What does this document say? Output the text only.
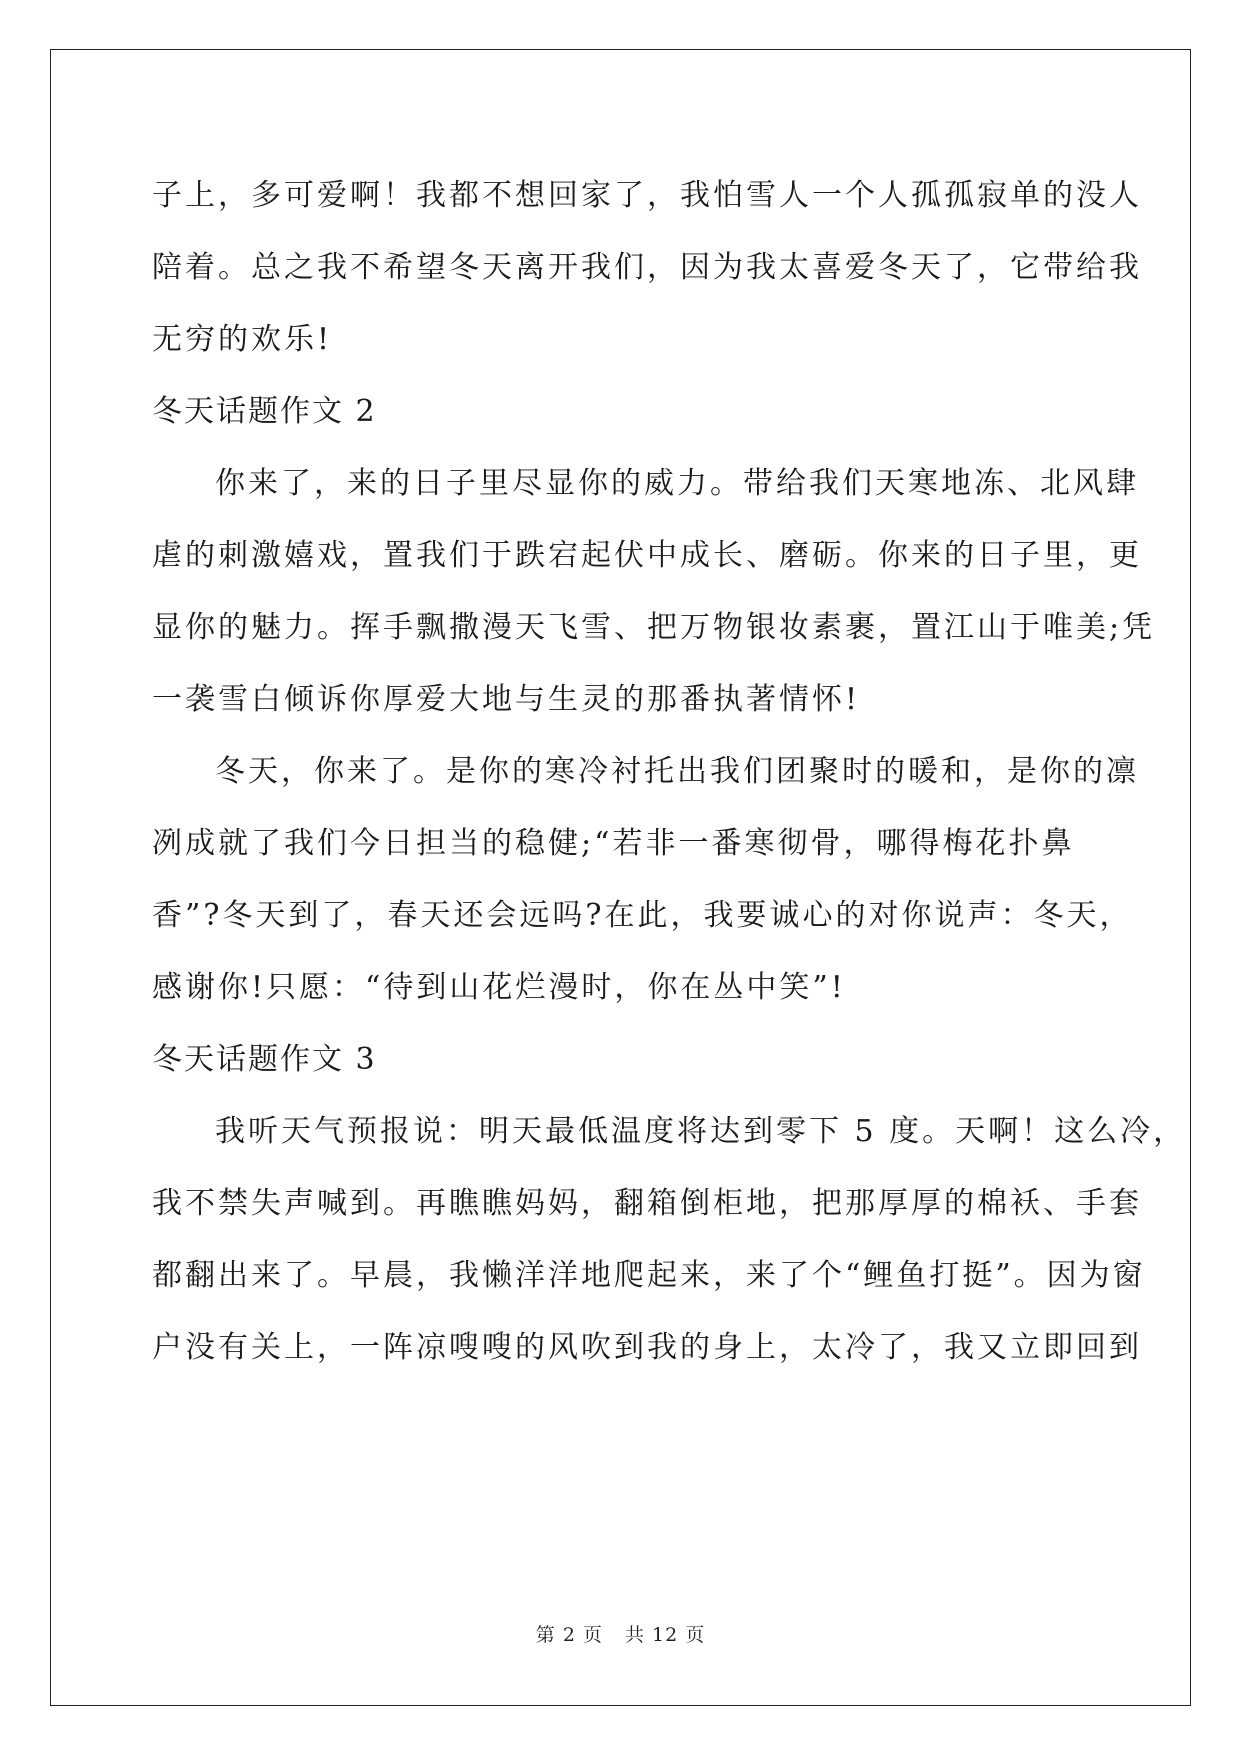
子上，多可爱啊！我都不想回家了，我怕雪人一个人孤孤寂单的没人
陪着。总之我不希望冬天离开我们，因为我太喜爱冬天了，它带给我
无穷的欢乐!
冬天话题作文 2
你来了，来的日子里尽显你的威力。带给我们天寒地冻、北风肆
虐的刺激嬉戏，置我们于跌宕起伏中成长、磨砺。你来的日子里，更
显你的魅力。挥手飘撒漫天飞雪、把万物银妆素裹，置江山于唯美;凭
一袭雪白倾诉你厚爱大地与生灵的那番执著情怀!
冬天，你来了。是你的寒冷衬托出我们团聚时的暖和，是你的凛
冽成就了我们今日担当的稳健;“若非一番寒彻骨，哪得梅花扑鼻
香”?冬天到了，春天还会远吗?在此，我要诚心的对你说声：冬天，
感谢你!只愿：“待到山花烂漫时，你在丛中笑”!
冬天话题作文 3
我听天气预报说：明天最低温度将达到零下 5 度。天啊！这么冷，
我不禁失声喊到。再瞧瞧妈妈，翻箱倒柜地，把那厚厚的棉袄、手套
都翻出来了。早晨，我懒洋洋地爬起来，来了个“鲤鱼打挺”。因为窗
户没有关上，一阵凉嗖嗖的风吹到我的身上，太冷了，我又立即回到
第 2 页 共 12 页
